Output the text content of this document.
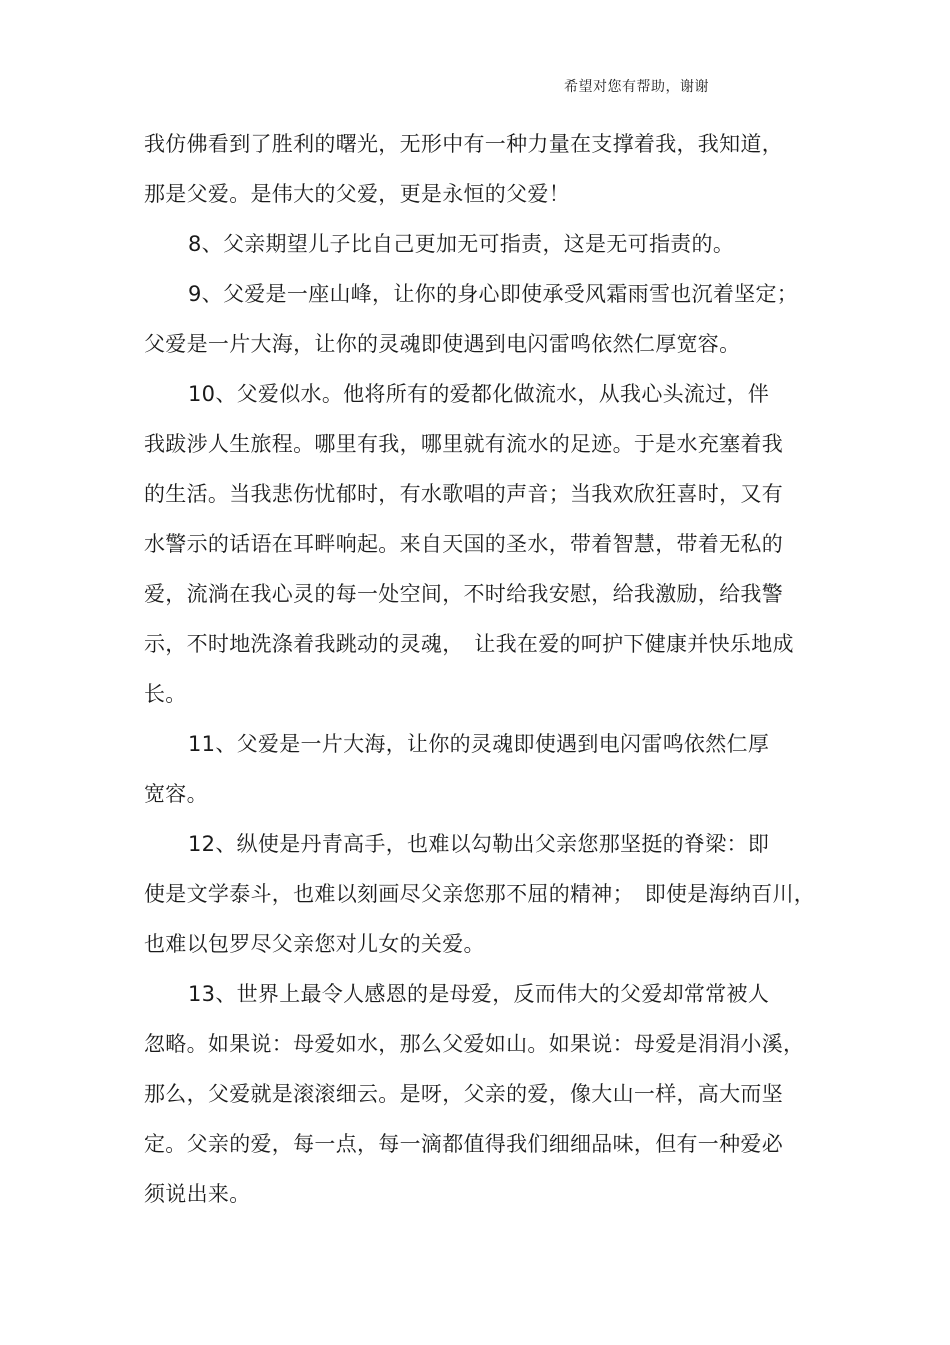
希望对您有帮助，谢谢
我仿佛看到了胜利的曙光，无形中有一种力量在支撑着我，我知道，
那是父爱。是伟大的父爱，更是永恒的父爱！
8、父亲期望儿子比自己更加无可指责，这是无可指责的。
9、父爱是一座山峰，让你的身心即使承受风霜雨雪也沉着坚定；
父爱是一片大海，让你的灵魂即使遇到电闪雷鸣依然仁厚宽容。
10、父爱似水。他将所有的爱都化做流水，从我心头流过，伴
我跋涉人生旅程。哪里有我，哪里就有流水的足迹。于是水充塞着我
的生活。当我悲伤忧郁时，有水歌唱的声音；当我欢欣狂喜时，又有
水警示的话语在耳畔响起。来自天国的圣水，带着智慧，带着无私的
爱，流淌在我心灵的每一处空间，不时给我安慰，给我激励，给我警
示，不时地洗涤着我跳动的灵魂，　让我在爱的呵护下健康并快乐地成
长。
11、父爱是一片大海，让你的灵魂即使遇到电闪雷鸣依然仁厚
宽容。
12、纵使是丹青高手，也难以勾勒出父亲您那坚挺的脊梁：即
使是文学泰斗，也难以刻画尽父亲您那不屈的精神；　即使是海纳百川，
也难以包罗尽父亲您对儿女的关爱。
13、世界上最令人感恩的是母爱，反而伟大的父爱却常常被人
忽略。如果说：母爱如水，那么父爱如山。如果说：母爱是涓涓小溪，
那么，父爱就是滚滚细云。是呀，父亲的爱，像大山一样，高大而坚
定。父亲的爱，每一点，每一滴都值得我们细细品味，但有一种爱必
须说出来。
